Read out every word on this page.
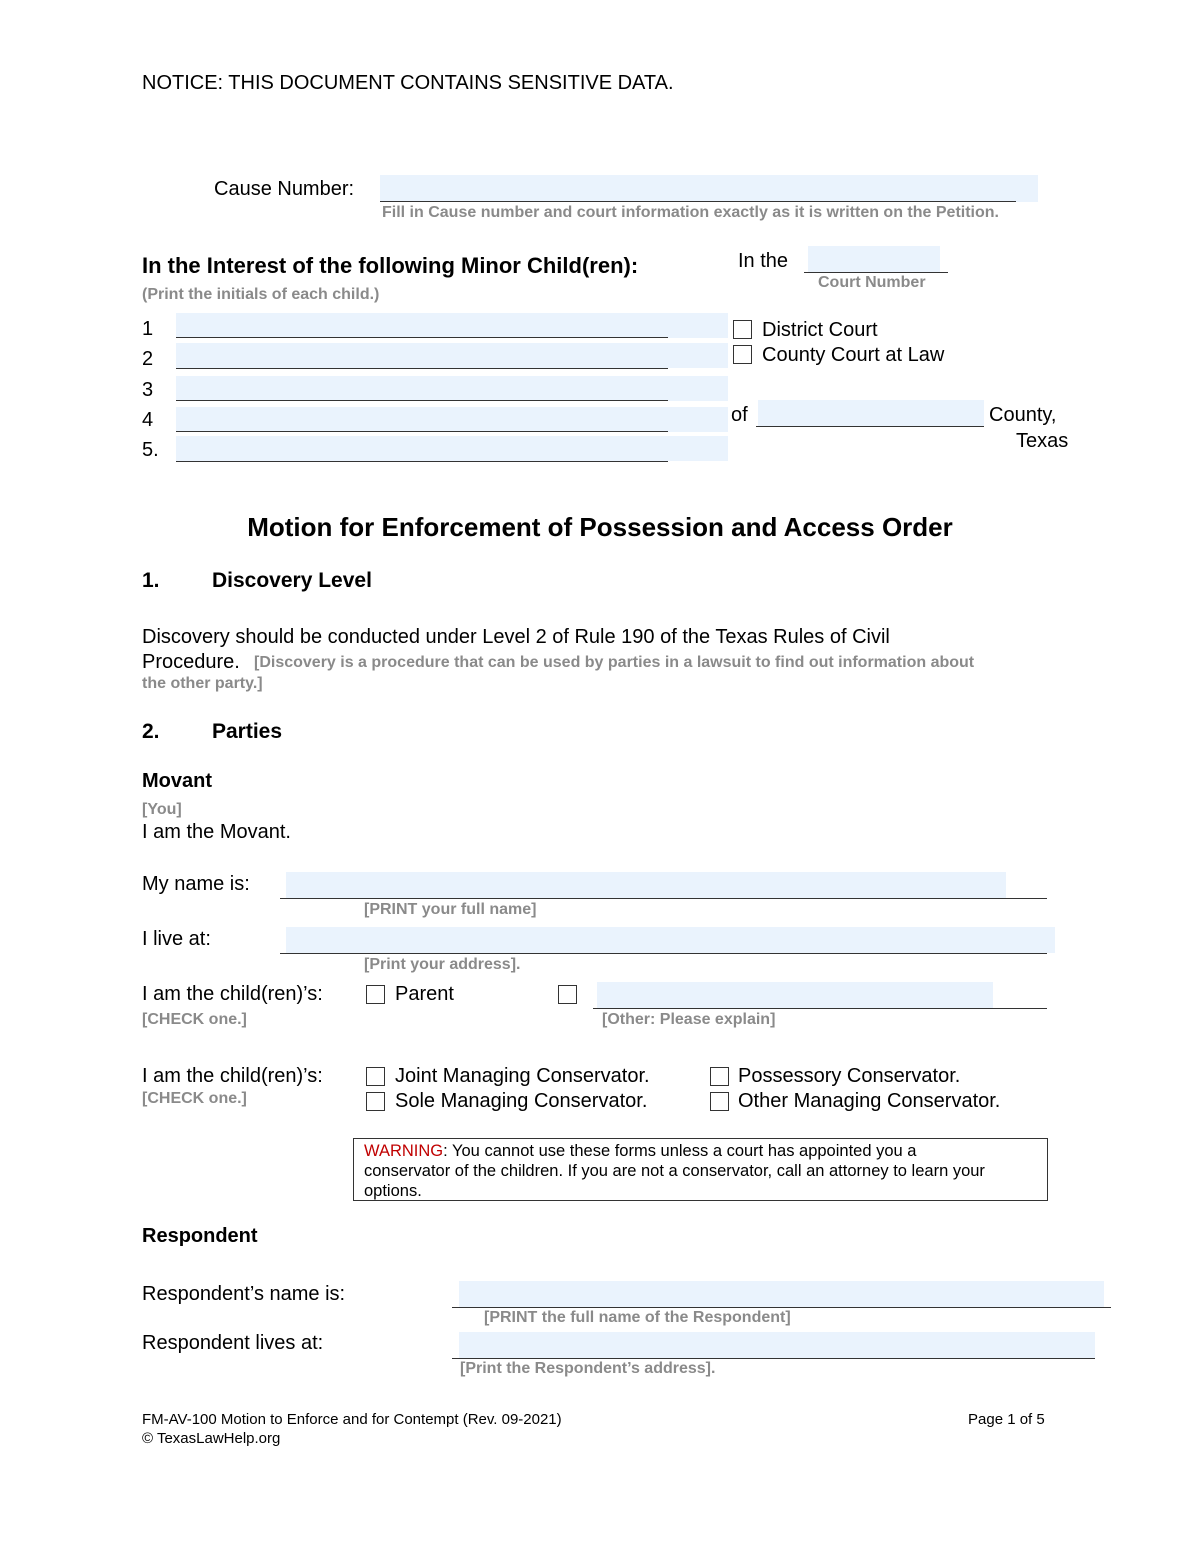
NOTICE: THIS DOCUMENT CONTAINS SENSITIVE DATA.
Cause Number:
Fill in Cause number and court information exactly as it is written on the Petition.
In the Interest of the following Minor Child(ren):
(Print the initials of each child.)
1
2
3
4
5.
In the
Court Number
District Court
County Court at Law
of	County,
Texas
Motion for Enforcement of Possession and Access Order
1. Discovery Level
Discovery should be conducted under Level 2 of Rule 190 of the Texas Rules of Civil
Procedure. [Discovery is a procedure that can be used by parties in a lawsuit to find out information about
the other party.]
2. Parties
Movant
[You]
I am the Movant.
My name is:
[PRINT your full name]
I live at:
[Print your address].
I am the child(ren)’s:
[CHECK one.]
Parent
[Other: Please explain]
I am the child(ren)’s:
[CHECK one.]
Joint Managing Conservator.
Sole Managing Conservator.
Possessory Conservator.
Other Managing Conservator.
WARNING: You cannot use these forms unless a court has appointed you a
conservator of the children. If you are not a conservator, call an attorney to learn your
options.
Respondent
Respondent’s name is:
[PRINT the full name of the Respondent]
Respondent lives at:
[Print the Respondent’s address].
FM-AV-100 Motion to Enforce and for Contempt (Rev. 09-2021)
© TexasLawHelp.org
Page 1 of 5
